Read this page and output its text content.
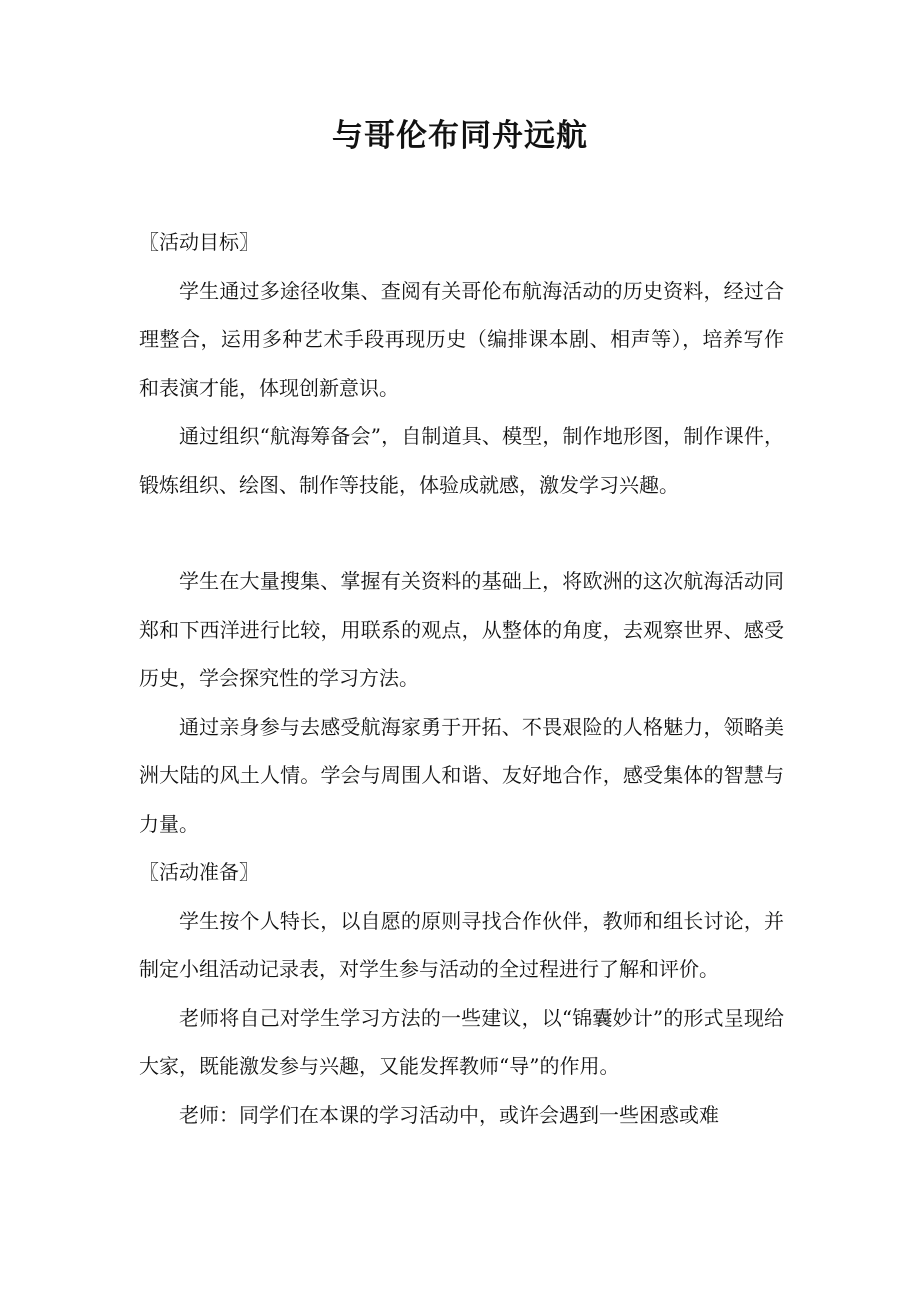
与哥伦布同舟远航

〖活动目标〗

学生通过多途径收集、查阅有关哥伦布航海活动的历史资料，经过合理整合，运用多种艺术手段再现历史（编排课本剧、相声等），培养写作和表演才能，体现创新意识。

通过组织“航海筹备会”，自制道具、模型，制作地形图，制作课件，锻炼组织、绘图、制作等技能，体验成就感，激发学习兴趣。

学生在大量搜集、掌握有关资料的基础上，将欧洲的这次航海活动同郑和下西洋进行比较，用联系的观点，从整体的角度，去观察世界、感受历史，学会探究性的学习方法。

通过亲身参与去感受航海家勇于开拓、不畏艰险的人格魅力，领略美洲大陆的风土人情。学会与周围人和谐、友好地合作，感受集体的智慧与力量。

〖活动准备〗

学生按个人特长，以自愿的原则寻找合作伙伴，教师和组长讨论，并制定小组活动记录表，对学生参与活动的全过程进行了解和评价。

老师将自己对学生学习方法的一些建议，以“锦囊妙计”的形式呈现给大家，既能激发参与兴趣，又能发挥教师“导”的作用。

老师：同学们在本课的学习活动中，或许会遇到一些困惑或难
